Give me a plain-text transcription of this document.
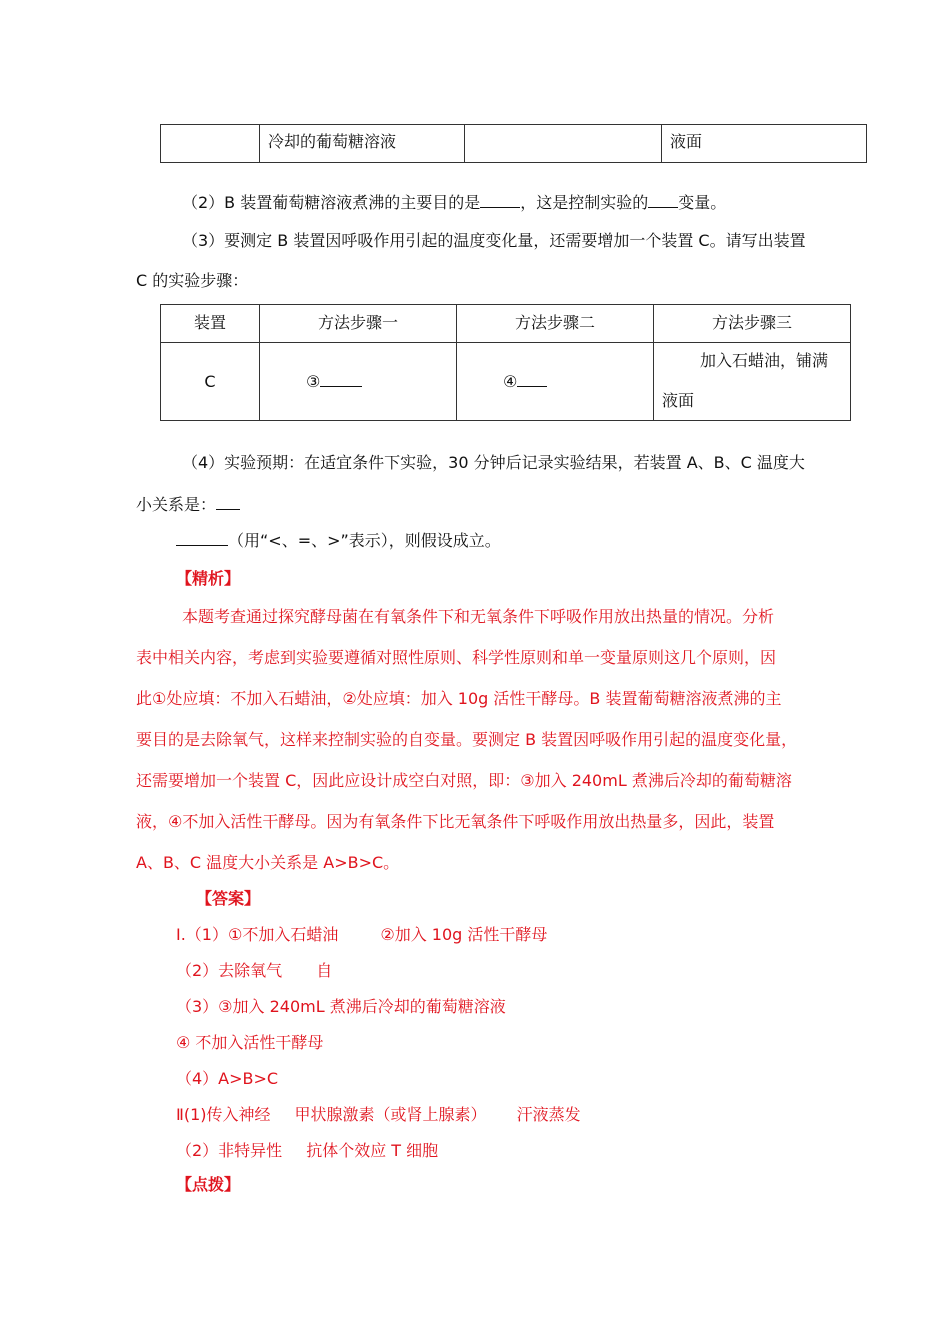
	冷却的葡萄糖溶液		液面
（2）B 装置葡萄糖溶液煮沸的主要目的是	，这是控制实验的 变量。
（3）要测定 B 装置因呼吸作用引起的温度变化量，还需要增加一个装置 C。请写出装置
C 的实验步骤：
装置	方法步骤一	方法步骤二	方法步骤三
C	③	④	加入石蜡油，铺满
液面
（4）实验预期：在适宜条件下实验，30 分钟后记录实验结果，若装置 A、B、C 温度大
小关系是：
（用“<、=、>”表示），则假设成立。
【精析】
本题考查通过探究酵母菌在有氧条件下和无氧条件下呼吸作用放出热量的情况。分析
表中相关内容，考虑到实验要遵循对照性原则、科学性原则和单一变量原则这几个原则，因
此①处应填：不加入石蜡油，②处应填：加入 10g 活性干酵母。B 装置葡萄糖溶液煮沸的主
要目的是去除氧气，这样来控制实验的自变量。要测定 B 装置因呼吸作用引起的温度变化量，
还需要增加一个装置 C，因此应设计成空白对照，即：③加入 240mL 煮沸后冷却的葡萄糖溶
液，④不加入活性干酵母。因为有氧条件下比无氧条件下呼吸作用放出热量多，因此，装置
A、B、C 温度大小关系是 A>B>C。
【答案】
Ⅰ.（1）①不加入石蜡油	②加入 10g 活性干酵母
（2）去除氧气 自
（3）③加入 240mL 煮沸后冷却的葡萄糖溶液
④ 不加入活性干酵母
（4）A>B>C
Ⅱ(1)传入神经 甲状腺激素（或肾上腺素） 汗液蒸发
（2）非特异性 抗体个效应 T 细胞
【点拨】
